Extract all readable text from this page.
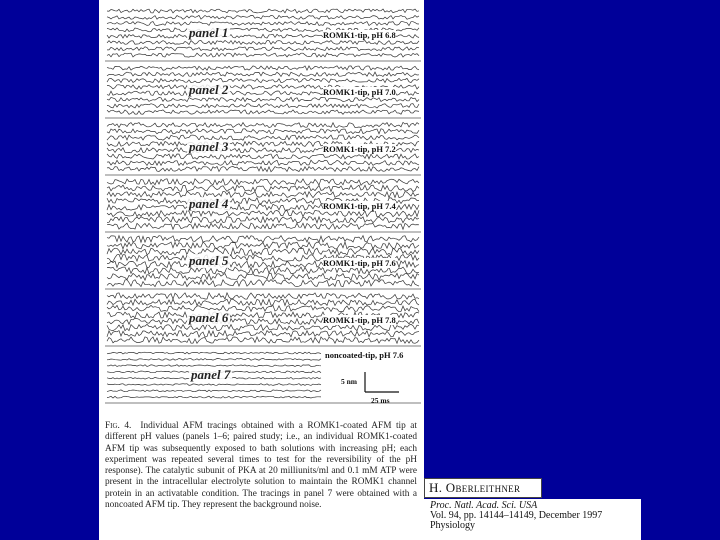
panel 1	ROMK1-tip, pH 6.8
panel 2	ROMK1-tip, pH 7.0
panel 3	ROMK1-tip, pH 7.2
panel 4	ROMK1-tip, pH 7.4
panel 5	ROMK1-tip, pH 7.6
panel 6	ROMK1-tip, pH 7.8
panel 7
noncoated-tip, pH 7.6
5 nm
25 ms
Fig. 4. Individual AFM tracings obtained with a ROMK1-coated AFM tip at different pH values (panels 1–6; paired study; i.e., an individual ROMK1-coated AFM tip was subsequently exposed to bath solutions with increasing pH; each experiment was repeated several times to test for the reversibility of the pH response). The catalytic subunit of PKA at 20 milliunits/ml and 0.1 mM ATP were present in the intracellular electrolyte solution to maintain the ROMK1 channel protein in an activatable condition. The tracings in panel 7 were obtained with a noncoated AFM tip. They represent the background noise.
H. Oberleithner
Proc. Natl. Acad. Sci. USA
Vol. 94, pp. 14144–14149, December 1997
Physiology
